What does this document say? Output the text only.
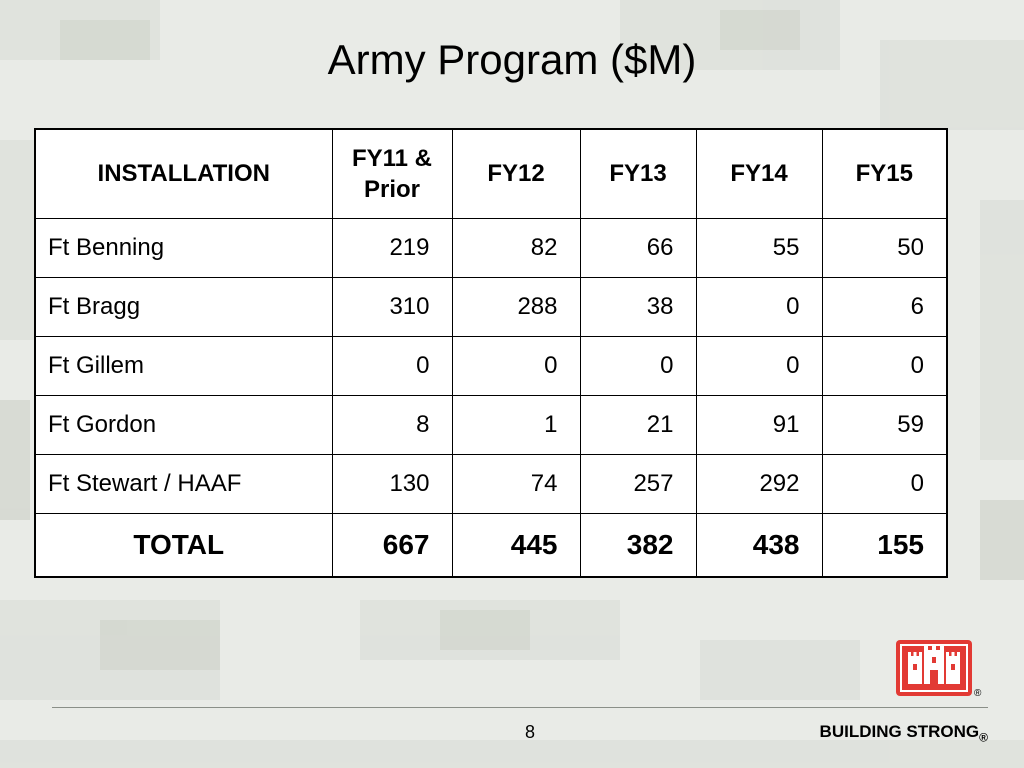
Army Program ($M)
INSTALLATION	FY11 & Prior	FY12	FY13	FY14	FY15
Ft Benning	219	82	66	55	50
Ft Bragg	310	288	38	0	6
Ft Gillem	0	0	0	0	0
Ft Gordon	8	1	21	91	59
Ft Stewart / HAAF	130	74	257	292	0
TOTAL	667	445	382	438	155
®
8	BUILDING $STRONG_®$
